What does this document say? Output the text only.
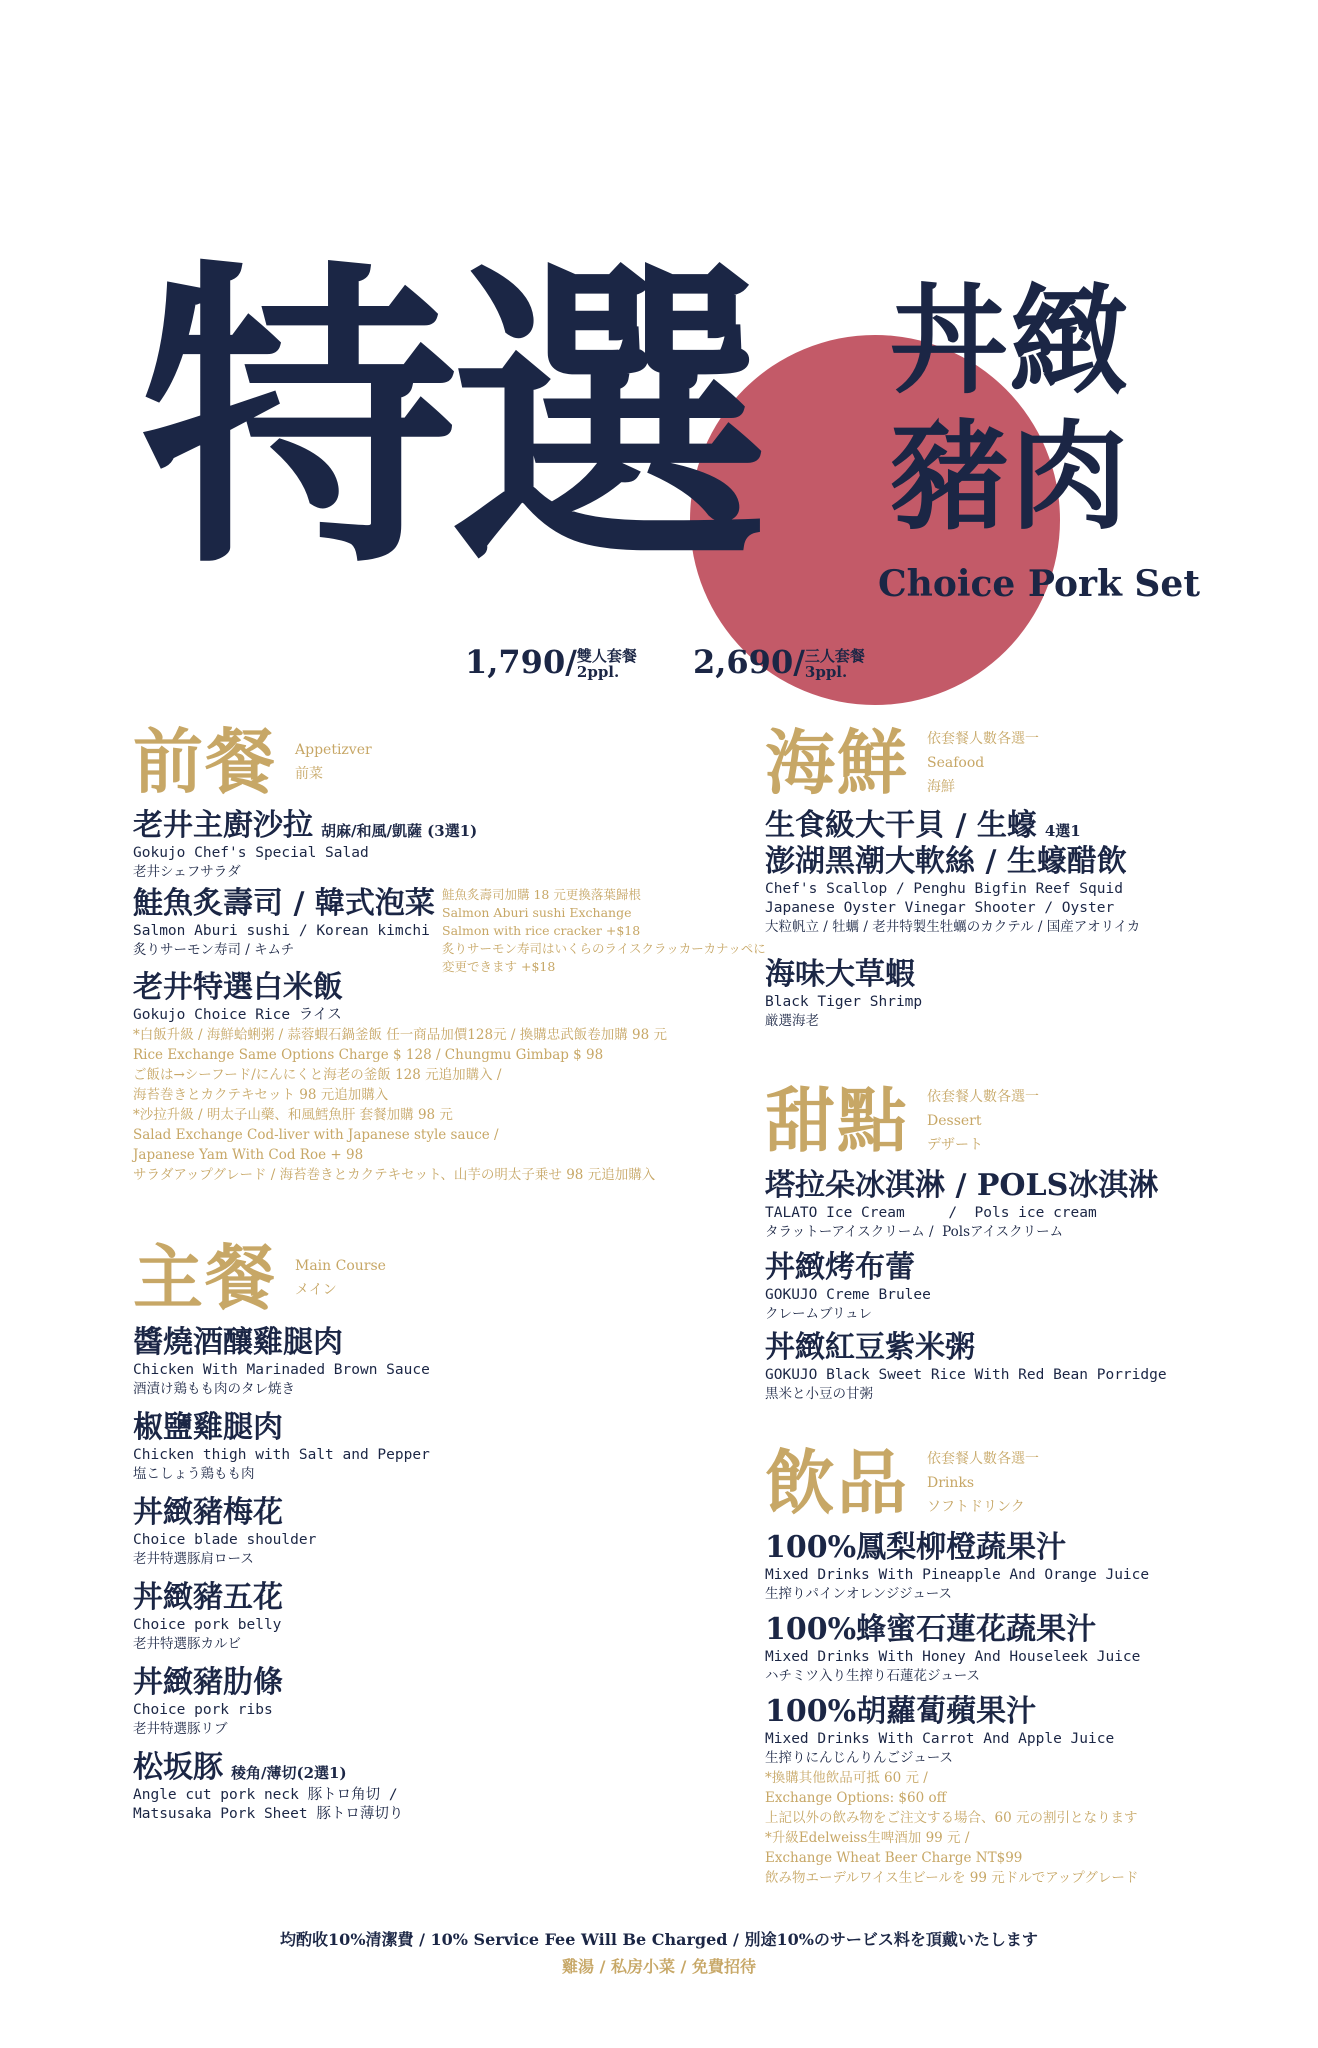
特選 丼緻
豬肉
Choice Pork Set
1,790/雙人套餐
2ppl.	2,690/三人套餐
3ppl.
前餐 Appetizver
前菜
老井主廚沙拉 胡麻/和風/凱薩 (3選1)
Gokujo Chef's Special Salad
老井シェフサラダ
鮭魚炙壽司 / 韓式泡菜
Salmon Aburi sushi / Korean kimchi
炙りサーモン寿司 / キムチ
鮭魚炙壽司加購 18 元更換落葉歸根
Salmon Aburi sushi Exchange
Salmon with rice cracker +$18
炙りサーモン寿司はいくらのライスクラッカーカナッペに
変更できます +$18
老井特選白米飯
Gokujo Choice Rice ライス
*白飯升級 / 海鮮蛤蜊粥 / 蒜蓉蝦石鍋釜飯 任一商品加價128元 / 換購忠武飯卷加購 98 元
Rice Exchange Same Options Charge $ 128 / Chungmu Gimbap $ 98
ご飯は→シーフード/にんにくと海老の釜飯 128 元追加購入 /
海苔巻きとカクテキセット 98 元追加購入
*沙拉升級 / 明太子山藥、和風鱈魚肝 套餐加購 98 元
Salad Exchange Cod-liver with Japanese style sauce /
Japanese Yam With Cod Roe + 98
サラダアップグレード / 海苔巻きとカクテキセット、山芋の明太子乗せ 98 元追加購入
主餐 Main Course
メイン
醬燒酒釀雞腿肉
Chicken With Marinaded Brown Sauce
酒漬け鶏もも肉のタレ焼き
椒鹽雞腿肉
Chicken thigh with Salt and Pepper
塩こしょう鶏もも肉
丼緻豬梅花
Choice blade shoulder
老井特選豚肩ロース
丼緻豬五花
Choice pork belly
老井特選豚カルビ
丼緻豬肋條
Choice pork ribs
老井特選豚リブ
松坂豚 稜角/薄切(2選1)
Angle cut pork neck 豚トロ角切 /
Matsusaka Pork Sheet 豚トロ薄切り
海鮮 依套餐人數各選一
Seafood
海鮮
生食級大干貝 / 生蠔 4選1
澎湖黑潮大軟絲 / 生蠔醋飲
Chef's Scallop / Penghu Bigfin Reef Squid
Japanese Oyster Vinegar Shooter / Oyster
大粒帆立 / 牡蠣 / 老井特製生牡蠣のカクテル / 国産アオリイカ
海味大草蝦
Black Tiger Shrimp
厳選海老
甜點 依套餐人數各選一
Dessert
デザート
塔拉朵冰淇淋 / POLS冰淇淋
TALATO Ice Cream     /  Pols ice cream
タラットーアイスクリーム /  Polsアイスクリーム
丼緻烤布蕾
GOKUJO Creme Brulee
クレームブリュレ
丼緻紅豆紫米粥
GOKUJO Black Sweet Rice With Red Bean Porridge
黒米と小豆の甘粥
飲品 依套餐人數各選一
Drinks
ソフトドリンク
100%鳳梨柳橙蔬果汁
Mixed Drinks With Pineapple And Orange Juice
生搾りパインオレンジジュース
100%蜂蜜石蓮花蔬果汁
Mixed Drinks With Honey And Houseleek Juice
ハチミツ入り生搾り石蓮花ジュース
100%胡蘿蔔蘋果汁
Mixed Drinks With Carrot And Apple Juice
生搾りにんじんりんごジュース
*換購其他飲品可抵 60 元 /
Exchange Options: $60 off
上記以外の飲み物をご注文する場合、60 元の割引となります
*升級Edelweiss生啤酒加 99 元 /
Exchange Wheat Beer Charge NT$99
飲み物エーデルワイス生ビールを 99 元ドルでアップグレード
均酌收10%清潔費 / 10% Service Fee Will Be Charged / 別途10%のサービス料を頂戴いたします
雞湯 / 私房小菜 / 免費招待
